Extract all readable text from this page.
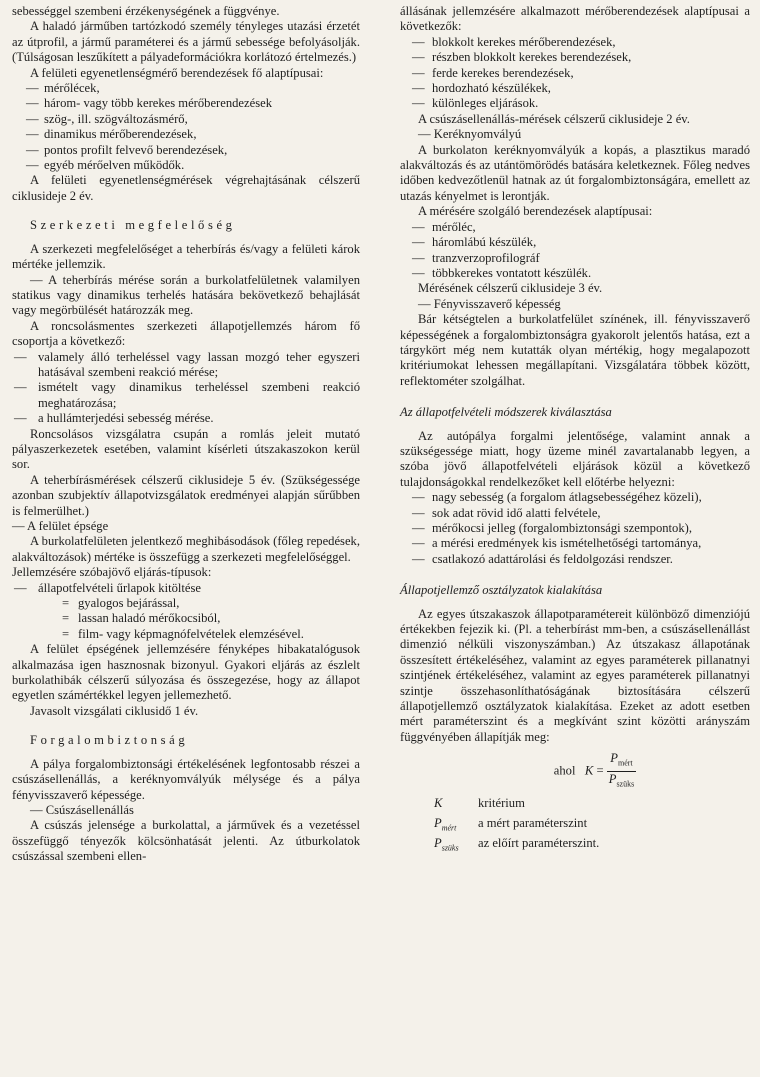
sebességgel szembeni érzékenységének a függvénye.

A haladó járműben tartózkodó személy tényleges utazási érzetét az útprofil, a jármű paraméterei és a jármű sebessége befolyásolják. (Túlságosan leszűkített a pályadeformációkra korlátozó értelmezés.)

A felületi egyenetlenségmérő berendezések fő alaptípusai:

— mérőlécek,
— három- vagy több kerekes mérőberendezések
— szög-, ill. szögváltozásmérő,
— dinamikus mérőberendezések,
— pontos profilt felvevő berendezések,
— egyéb mérőelven működők.

A felületi egyenetlenségmérések végrehajtásának célszerű ciklusideje 2 év.

Szerkezeti megfelelőség

A szerkezeti megfelelőséget a teherbírás és/vagy a felületi károk mértéke jellemzik.

— A teherbírás mérése során a burkolatfelületnek valamilyen statikus vagy dinamikus terhelés hatására bekövetkező behajlását vagy megörbülését határozzák meg.

A roncsolásmentes szerkezeti állapotjellemzés három fő csoportja a következő:

— valamely álló terheléssel vagy lassan mozgó teher egyszeri hatásával szembeni reakció mérése;
— ismételt vagy dinamikus terheléssel szembeni reakció meghatározása;
— a hullámterjedési sebesség mérése.

Roncsolásos vizsgálatra csupán a romlás jeleit mutató pályaszerkezetek esetében, valamint kísérleti útszakaszokon kerül sor.

A teherbírásmérések célszerű ciklusideje 5 év. (Szükségessége azonban szubjektív állapotvizsgálatok eredményei alapján sűrűbben is felmerülhet.)

— A felület épsége

A burkolatfelületen jelentkező meghibásodások (főleg repedések, alakváltozások) mértéke is összefügg a szerkezeti megfelelőséggel.

Jellemzésére szóbajövő eljárás-típusok:

— állapotfelvételi űrlapok kitöltése
= gyalogos bejárással,
= lassan haladó mérőkocsiból,
= film- vagy képmagnófelvételek elemzésével.

A felület épségének jellemzésére fényképes hibakatalógusok alkalmazása igen hasznosnak bizonyul. Gyakori eljárás az észlelt burkolathibák célszerű súlyozása és összegezése, hogy az állapot egyetlen számértékkel legyen jellemezhető.

Javasolt vizsgálati ciklusidő 1 év.

Forgalombiztonság

A pálya forgalombiztonsági értékelésének legfontosabb részei a csúszásellenállás, a keréknyomvályúk mélysége és a pálya fényvisszaverő képessége.

— Csúszásellenállás

A csúszás jelensége a burkolattal, a járművek és a vezetéssel összefüggő tényezők kölcsönhatását jelenti. Az útburkolatok csúszással szembeni ellen-

állásának jellemzésére alkalmazott mérőberendezések alaptípusai a következők:

— blokkolt kerekes mérőberendezések,
— részben blokkolt kerekes berendezések,
— ferde kerekes berendezések,
— hordozható készülékek,
— különleges eljárások.

A csúszásellenállás-mérések célszerű ciklusideje 2 év.

— Keréknyomvályú

A burkolaton keréknyomvályúk a kopás, a plasztikus maradó alakváltozás és az utántömörödés batására keletkeznek. Főleg nedves időben kedvezőtlenül hatnak az út forgalombiztonságára, emellett az utazás kényelmet is lerontják.

A mérésére szolgáló berendezések alaptípusai:

— mérőléc,
— háromlábú készülék,
— tranzverzoprofilográf
— többkerekes vontatott készülék.

Mérésének célszerű ciklusideje 3 év.

— Fényvisszaverő képesség

Bár kétségtelen a burkolatfelület színének, ill. fényvisszaverő képességének a forgalombiztonságra gyakorolt jelentős hatása, ezt a tárgykört még nem kutatták olyan mértékig, hogy megalapozott kritériumokat lehessen megállapítani. Vizsgálatára többek között, reflektométer szolgálhat.

Az állapotfelvételi módszerek kiválasztása

Az autópálya forgalmi jelentősége, valamint annak a szükségessége miatt, hogy üzeme minél zavartalanabb legyen, a szóba jövő állapotfelvételi eljárások közül a következő tulajdonságokkal rendelkezőket kell előtérbe helyezni:

— nagy sebesség (a forgalom átlagsebességéhez közeli),
— sok adat rövid idő alatti felvétele,
— mérőkocsi jelleg (forgalombiztonsági szempontok),
— a mérési eredmények kis ismételhetőségi tartománya,
— csatlakozó adattárolási és feldolgozási rendszer.
Állapotjellemző osztályzatok kialakítása

Az egyes útszakaszok állapotparamétereit különböző dimenziójú értékekben fejezik ki. (Pl. a teherbírást mm-ben, a csúszásellenállást dimenzió nélküli viszonyszámban.) Az útszakasz állapotának összesített értékeléséhez, valamint az egyes paraméterek pillanatnyi szintjének értékeléséhez, valamint az egyes paraméterek pillanatnyi szintje összehasonlíthatóságának biztosítására célszerű állapotjellemző osztályzatok kialakítása. Ezeket az adott esetben mért paraméterszint és a megkívánt szint közötti arányszám függvényében állapítják meg:

ahol $K = \frac{P_{mért}}{P_{szüks}}$
K	kritérium
$P_{mért}$	a mért paraméterszint
$P_{szüks}$	az előírt paraméterszint.
